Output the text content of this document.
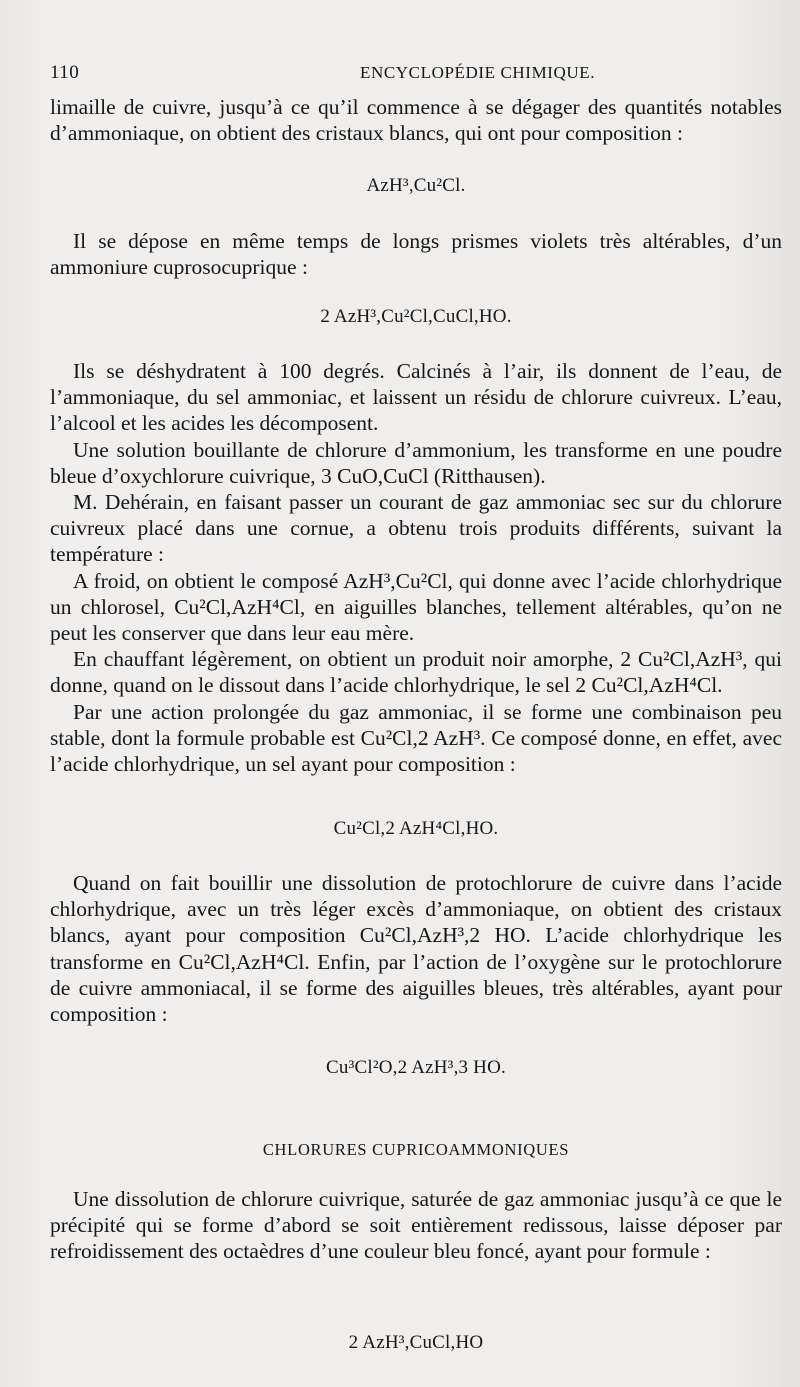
110	ENCYCLOPÉDIE CHIMIQUE.

limaille de cuivre, jusqu’à ce qu’il commence à se dégager des quantités notables d’ammoniaque, on obtient des cristaux blancs, qui ont pour composition :

AzH³,Cu²Cl.

Il se dépose en même temps de longs prismes violets très altérables, d’un ammoniure cuprosocuprique :

2 AzH³,Cu²Cl,CuCl,HO.

Ils se déshydratent à 100 degrés. Calcinés à l’air, ils donnent de l’eau, de l’ammoniaque, du sel ammoniac, et laissent un résidu de chlorure cuivreux. L’eau, l’alcool et les acides les décomposent.

Une solution bouillante de chlorure d’ammonium, les transforme en une poudre bleue d’oxychlorure cuivrique, 3 CuO,CuCl (Ritthausen).

M. Dehérain, en faisant passer un courant de gaz ammoniac sec sur du chlorure cuivreux placé dans une cornue, a obtenu trois produits différents, suivant la température :

A froid, on obtient le composé AzH³,Cu²Cl, qui donne avec l’acide chlorhydrique un chlorosel, Cu²Cl,AzH⁴Cl, en aiguilles blanches, tellement altérables, qu’on ne peut les conserver que dans leur eau mère.

En chauffant légèrement, on obtient un produit noir amorphe, 2 Cu²Cl,AzH³, qui donne, quand on le dissout dans l’acide chlorhydrique, le sel 2 Cu²Cl,AzH⁴Cl.

Par une action prolongée du gaz ammoniac, il se forme une combinaison peu stable, dont la formule probable est Cu²Cl,2 AzH³. Ce composé donne, en effet, avec l’acide chlorhydrique, un sel ayant pour composition :

Cu²Cl,2 AzH⁴Cl,HO.

Quand on fait bouillir une dissolution de protochlorure de cuivre dans l’acide chlorhydrique, avec un très léger excès d’ammoniaque, on obtient des cristaux blancs, ayant pour composition Cu²Cl,AzH³,2 HO. L’acide chlorhydrique les transforme en Cu²Cl,AzH⁴Cl. Enfin, par l’action de l’oxygène sur le protochlorure de cuivre ammoniacal, il se forme des aiguilles bleues, très altérables, ayant pour composition :

Cu³Cl²O,2 AzH³,3 HO.
CHLORURES CUPRICOAMMONIQUES

Une dissolution de chlorure cuivrique, saturée de gaz ammoniac jusqu’à ce que le précipité qui se forme d’abord se soit entièrement redissous, laisse déposer par refroidissement des octaèdres d’une couleur bleu foncé, ayant pour formule :

2 AzH³,CuCl,HO
